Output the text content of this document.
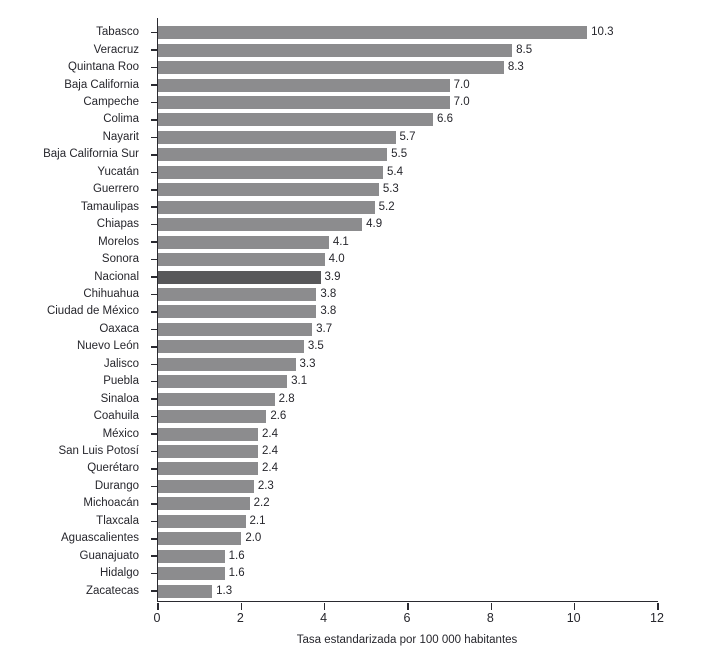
Tabasco
Veracruz
Quintana Roo
Baja California
Campeche
Colima
Nayarit
Baja California Sur
Yucatán
Guerrero
Tamaulipas
Chiapas
Morelos
Sonora
Nacional
Chihuahua
Ciudad de México
Oaxaca
Nuevo León
Jalisco
Puebla
Sinaloa
Coahuila
México
San Luis Potosí
Querétaro
Durango
Michoacán
Tlaxcala
Aguascalientes
Guanajuato
Hidalgo
Zacatecas
10.3
8.5
8.3
7.0
7.0
6.6
5.7
5.5
5.4
5.3
5.2
4.9
4.1
4.0
3.9
3.8
3.8
3.7
3.5
3.3
3.1
2.8
2.6
2.4
2.4
2.4
2.3
2.2
2.1
2.0
1.6
1.6
1.3
0	2	4	6	8	10	12
Tasa estandarizada por 100 000 habitantes
